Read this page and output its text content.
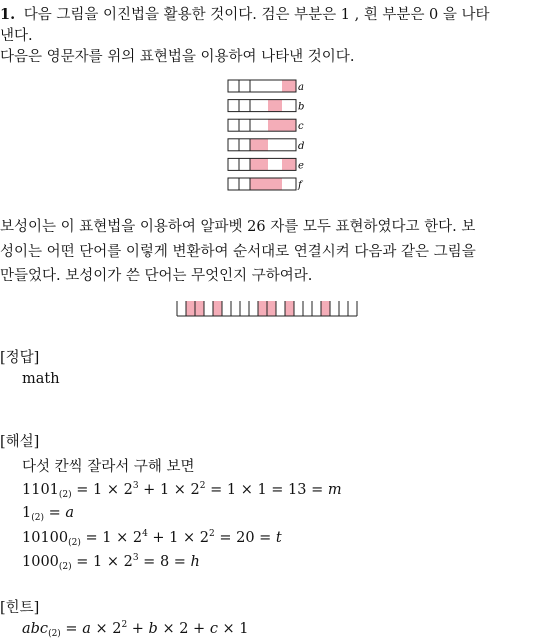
1. 다음 그림을 이진법을 활용한 것이다. 검은 부분은 1 , 흰 부분은 0 을 나타
낸다.
다음은 영문자를 위의 표현법을 이용하여 나타낸 것이다.
a
b
c
d
e
f
보성이는 이 표현법을 이용하여 알파벳 26 자를 모두 표현하였다고 한다. 보
성이는 어떤 단어를 이렇게 변환하여 순서대로 연결시켜 다음과 같은 그림을
만들었다. 보성이가 쓴 단어는 무엇인지 구하여라.
[정답]
math
[해설]
다섯 칸씩 잘라서 구해 보면
$1101_{(2)} = 1 \times 2^3 + 1 \times 2^2 = 1 \times 1 = 13 = m$
$1_{(2)} = a$
$10100_{(2)} = 1 \times 2^4 + 1 \times 2^2 = 20 = t$
$1000_{(2)} = 1 \times 2^3 = 8 = h$
[힌트]
$abc_{(2)} = a \times 2^2 + b \times 2 + c \times 1$
